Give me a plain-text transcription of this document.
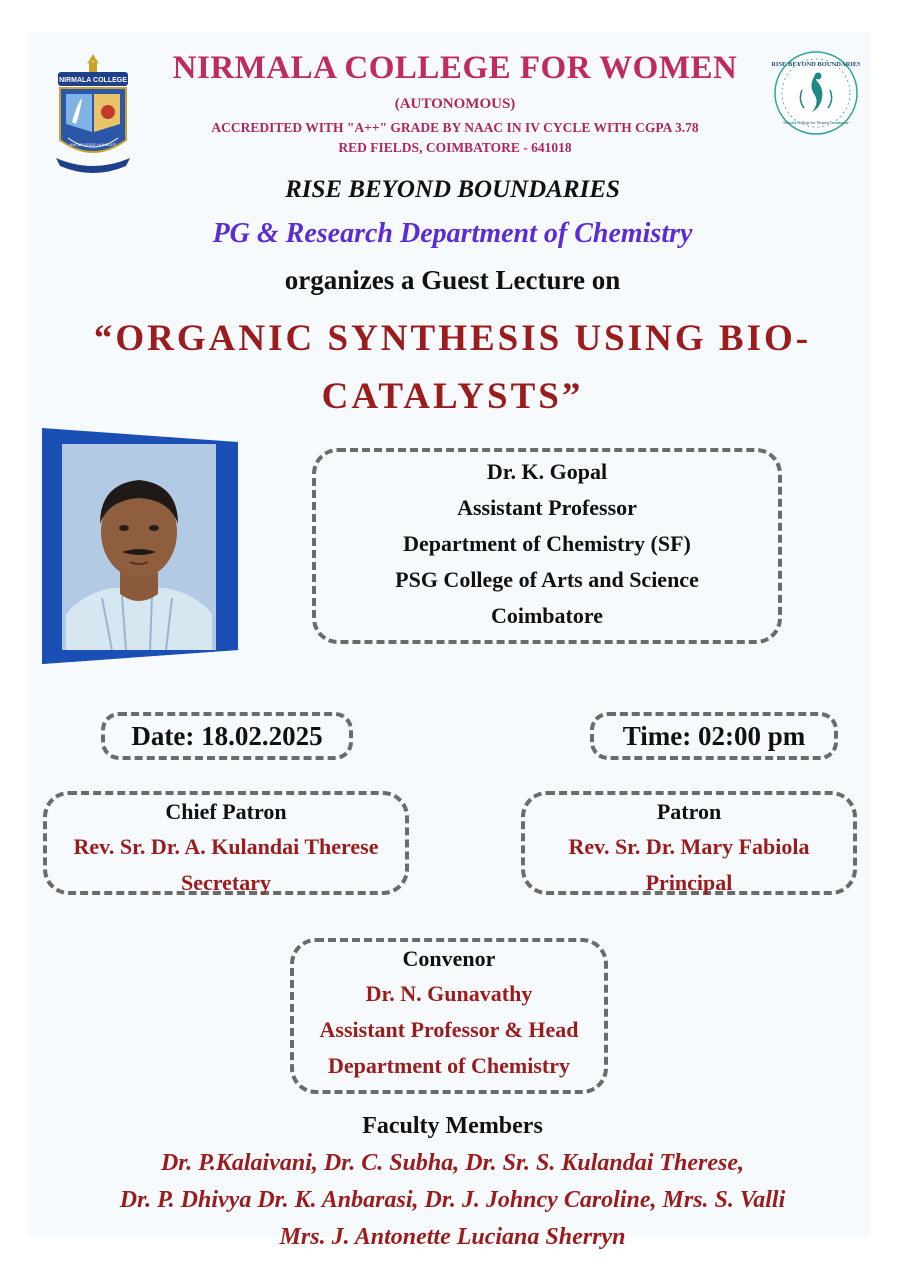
NIRMALA COLLEGE
KNOWLEDGE HUMBLES
RISE BEYOND BOUNDARIES
Nirmala College for Women Coimbatore
NIRMALA COLLEGE FOR WOMEN
(AUTONOMOUS)
ACCREDITED WITH "A++" GRADE BY NAAC IN IV CYCLE WITH CGPA 3.78
RED FIELDS, COIMBATORE - 641018
RISE BEYOND BOUNDARIES
PG & Research Department of Chemistry
organizes a Guest Lecture on
“ORGANIC SYNTHESIS USING BIO-
CATALYSTS”
Dr. K. Gopal
Assistant Professor
Department of Chemistry (SF)
PSG College of Arts and Science
Coimbatore
Date: 18.02.2025	Time: 02:00 pm
Chief Patron
Rev. Sr. Dr. A. Kulandai Therese
Secretary
Patron
Rev. Sr. Dr. Mary Fabiola
Principal
Convenor
Dr. N. Gunavathy
Assistant Professor & Head
Department of Chemistry
Faculty Members
Dr. P.Kalaivani, Dr. C. Subha, Dr. Sr. S. Kulandai Therese,
Dr. P. Dhivya Dr. K. Anbarasi, Dr. J. Johncy Caroline, Mrs. S. Valli
Mrs. J. Antonette Luciana Sherryn
